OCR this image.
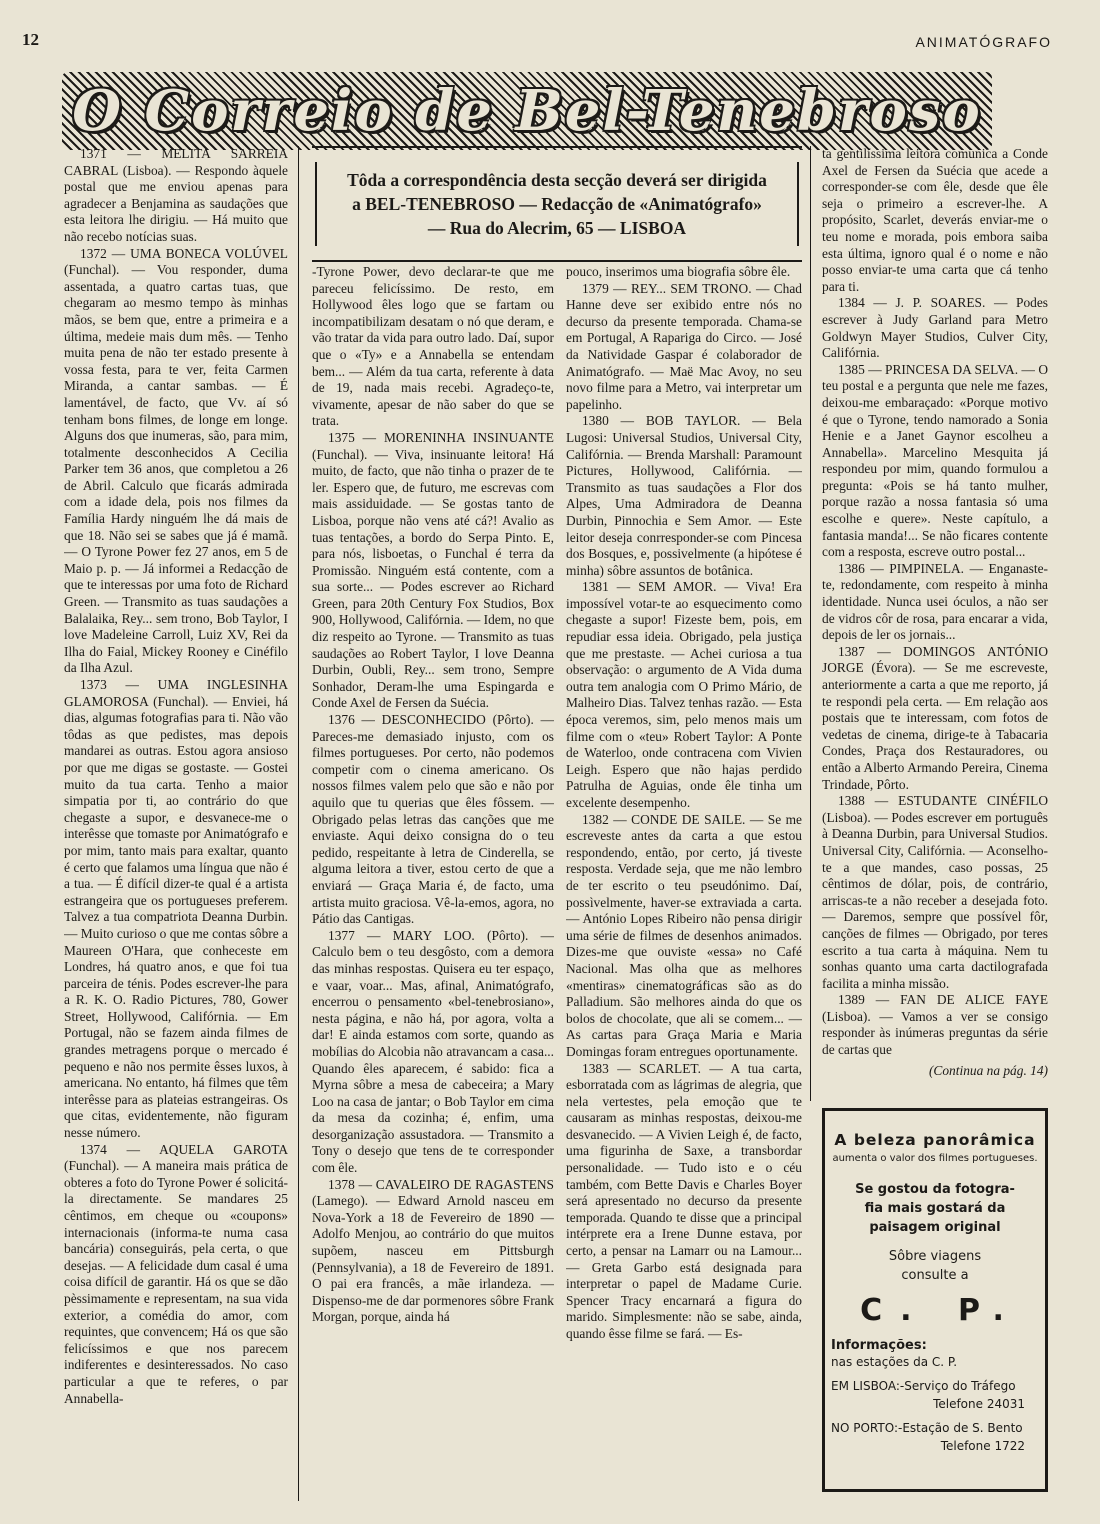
12	ANIMATÓGRAFO
O Correio de Bel-Tenebroso
Tôda a correspondência desta secção deverá ser dirigida
a BEL-TENEBROSO — Redacção de «Animatógrafo»
— Rua do Alecrim, 65 — LISBOA

1371 — MELITA SARREIA CABRAL (Lisboa). — Respondo àquele postal que me enviou apenas para agradecer a Benjamina as saudações que esta leitora lhe dirigiu. — Há muito que não recebo notícias suas.

1372 — UMA BONECA VOLÚVEL (Funchal). — Vou responder, duma assentada, a quatro cartas tuas, que chegaram ao mesmo tempo às minhas mãos, se bem que, entre a primeira e a última, medeie mais dum mês. — Tenho muita pena de não ter estado presente à vossa festa, para te ver, feita Carmen Miranda, a cantar sambas. — É lamentável, de facto, que Vv. aí só tenham bons filmes, de longe em longe. Alguns dos que inumeras, são, para mim, totalmente desconhecidos A Cecilia Parker tem 36 anos, que completou a 26 de Abril. Calculo que ficarás admirada com a idade dela, pois nos filmes da Família Hardy ninguém lhe dá mais de que 18. Não sei se sabes que já é mamã. — O Tyrone Power fez 27 anos, em 5 de Maio p. p. — Já informei a Redacção de que te interessas por uma foto de Richard Green. — Transmito as tuas saudações a Balalaika, Rey... sem trono, Bob Taylor, I love Madeleine Carroll, Luiz XV, Rei da Ilha do Faial, Mickey Rooney e Cinéfilo da Ilha Azul.

1373 — UMA INGLESINHA GLAMOROSA (Funchal). — Enviei, há dias, algumas fotografias para ti. Não vão tôdas as que pedistes, mas depois mandarei as outras. Estou agora ansioso por que me digas se gostaste. — Gostei muito da tua carta. Tenho a maior simpatia por ti, ao contrário do que chegaste a supor, e desvanece-me o interêsse que tomaste por Animatógrafo e por mim, tanto mais para exaltar, quanto é certo que falamos uma língua que não é a tua. — É difícil dizer-te qual é a artista estrangeira que os portugueses preferem. Talvez a tua compatriota Deanna Durbin. — Muito curioso o que me contas sôbre a Maureen O'Hara, que conheceste em Londres, há quatro anos, e que foi tua parceira de ténis. Podes escrever-lhe para a R. K. O. Radio Pictures, 780, Gower Street, Hollywood, Califórnia. — Em Portugal, não se fazem ainda filmes de grandes metragens porque o mercado é pequeno e não nos permite êsses luxos, à americana. No entanto, há filmes que têm interêsse para as plateias estrangeiras. Os que citas, evidentemente, não figuram nesse número.

1374 — AQUELA GAROTA (Funchal). — A maneira mais prática de obteres a foto do Tyrone Power é solicitá-la directamente. Se mandares 25 cêntimos, em cheque ou «coupons» internacionais (informa-te numa casa bancária) conseguirás, pela certa, o que desejas. — A felicidade dum casal é uma coisa difícil de garantir. Há os que se dão pèssimamente e representam, na sua vida exterior, a comédia do amor, com requintes, que convencem; Há os que são felicíssimos e que nos parecem indiferentes e desinteressados. No caso particular a que te referes, o par Annabella-

-Tyrone Power, devo declarar-te que me pareceu felicíssimo. De resto, em Hollywood êles logo que se fartam ou incompatibilizam desatam o nó que deram, e vão tratar da vida para outro lado. Daí, supor que o «Ty» e a Annabella se entendam bem... — Além da tua carta, referente à data de 19, nada mais recebi. Agradeço-te, vivamente, apesar de não saber do que se trata.

1375 — MORENINHA INSINUANTE (Funchal). — Viva, insinuante leitora! Há muito, de facto, que não tinha o prazer de te ler. Espero que, de futuro, me escrevas com mais assiduidade. — Se gostas tanto de Lisboa, porque não vens até cá?! Avalio as tuas tentações, a bordo do Serpa Pinto. E, para nós, lisboetas, o Funchal é terra da Promissão. Ninguém está contente, com a sua sorte... — Podes escrever ao Richard Green, para 20th Century Fox Studios, Box 900, Hollywood, Califórnia. — Idem, no que diz respeito ao Tyrone. — Transmito as tuas saudações ao Robert Taylor, I love Deanna Durbin, Oubli, Rey... sem trono, Sempre Sonhador, Deram-lhe uma Espingarda e Conde Axel de Fersen da Suécia.

1376 — DESCONHECIDO (Pôrto). — Pareces-me demasiado injusto, com os filmes portugueses. Por certo, não podemos competir com o cinema americano. Os nossos filmes valem pelo que são e não por aquilo que tu querias que êles fôssem. — Obrigado pelas letras das canções que me enviaste. Aqui deixo consigna do o teu pedido, respeitante à letra de Cinderella, se alguma leitora a tiver, estou certo de que a enviará — Graça Maria é, de facto, uma artista muito graciosa. Vê-la-emos, agora, no Pátio das Cantigas.

1377 — MARY LOO. (Pôrto). — Calculo bem o teu desgôsto, com a demora das minhas respostas. Quisera eu ter espaço, e vaar, voar... Mas, afinal, Animatógrafo, encerrou o pensamento «bel-tenebrosiano», nesta página, e não há, por agora, volta a dar! E ainda estamos com sorte, quando as mobílias do Alcobia não atravancam a casa... Quando êles aparecem, é sabido: fica a Myrna sôbre a mesa de cabeceira; a Mary Loo na casa de jantar; o Bob Taylor em cima da mesa da cozinha; é, enfim, uma desorganização assustadora. — Transmito a Tony o desejo que tens de te corresponder com êle.

1378 — CAVALEIRO DE RAGASTENS (Lamego). — Edward Arnold nasceu em Nova-York a 18 de Fevereiro de 1890 — Adolfo Menjou, ao contrário do que muitos supõem, nasceu em Pittsburgh (Pennsylvania), a 18 de Fevereiro de 1891. O pai era francês, a mãe irlandeza. — Dispenso-me de dar pormenores sôbre Frank Morgan, porque, ainda há

pouco, inserimos uma biografia sôbre êle.

1379 — REY... SEM TRONO. — Chad Hanne deve ser exibido entre nós no decurso da presente temporada. Chama-se em Portugal, A Rapariga do Circo. — José da Natividade Gaspar é colaborador de Animatógrafo. — Maë Mac Avoy, no seu novo filme para a Metro, vai interpretar um papelinho.

1380 — BOB TAYLOR. — Bela Lugosi: Universal Studios, Universal City, Califórnia. — Brenda Marshall: Paramount Pictures, Hollywood, Califórnia. — Transmito as tuas saudações a Flor dos Alpes, Uma Admiradora de Deanna Durbin, Pinnochia e Sem Amor. — Este leitor deseja conrresponder-se com Pincesa dos Bosques, e, possivelmente (a hipótese é minha) sôbre assuntos de botânica.

1381 — SEM AMOR. — Viva! Era impossível votar-te ao esquecimento como chegaste a supor! Fizeste bem, pois, em repudiar essa ideia. Obrigado, pela justiça que me prestaste. — Achei curiosa a tua observação: o argumento de A Vida duma outra tem analogia com O Primo Mário, de Malheiro Dias. Talvez tenhas razão. — Esta época veremos, sim, pelo menos mais um filme com o «teu» Robert Taylor: A Ponte de Waterloo, onde contracena com Vivien Leigh. Espero que não hajas perdido Patrulha de Aguias, onde êle tinha um excelente desempenho.

1382 — CONDE DE SAILE. — Se me escreveste antes da carta a que estou respondendo, então, por certo, já tiveste resposta. Verdade seja, que me não lembro de ter escrito o teu pseudónimo. Daí, possìvelmente, haver-se extraviada a carta. — António Lopes Ribeiro não pensa dirigir uma série de filmes de desenhos animados. Dizes-me que ouviste «essa» no Café Nacional. Mas olha que as melhores «mentiras» cinematográficas são as do Palladium. São melhores ainda do que os bolos de chocolate, que ali se comem... — As cartas para Graça Maria e Maria Domingas foram entregues oportunamente.

1383 — SCARLET. — A tua carta, esborratada com as lágrimas de alegria, que nela vertestes, pela emoção que te causaram as minhas respostas, deixou-me desvanecido. — A Vivien Leigh é, de facto, uma figurinha de Saxe, a transbordar personalidade. — Tudo isto e o céu também, com Bette Davis e Charles Boyer será apresentado no decurso da presente temporada. Quando te disse que a principal intérprete era a Irene Dunne estava, por certo, a pensar na Lamarr ou na Lamour... — Greta Garbo está designada para interpretar o papel de Madame Curie. Spencer Tracy encarnará a figura do marido. Simplesmente: não se sabe, ainda, quando êsse filme se fará. — Es-

ta gentilíssima leitora comunica a Conde Axel de Fersen da Suécia que acede a corresponder-se com êle, desde que êle seja o primeiro a escrever-lhe. A propósito, Scarlet, deverás enviar-me o teu nome e morada, pois embora saiba esta última, ignoro qual é o nome e não posso enviar-te uma carta que cá tenho para ti.

1384 — J. P. SOARES. — Podes escrever à Judy Garland para Metro Goldwyn Mayer Studios, Culver City, Califórnia.

1385 — PRINCESA DA SELVA. — O teu postal e a pergunta que nele me fazes, deixou-me embaraçado: «Porque motivo é que o Tyrone, tendo namorado a Sonia Henie e a Janet Gaynor escolheu a Annabella». Marcelino Mesquita já respondeu por mim, quando formulou a pregunta: «Pois se há tanto mulher, porque razão a nossa fantasia só uma escolhe e quere». Neste capítulo, a fantasia manda!... Se não ficares contente com a resposta, escreve outro postal...

1386 — PIMPINELA. — Enganaste-te, redondamente, com respeito à minha identidade. Nunca usei óculos, a não ser de vidros côr de rosa, para encarar a vida, depois de ler os jornais...

1387 — DOMINGOS ANTÓNIO JORGE (Évora). — Se me escreveste, anteriormente a carta a que me reporto, já te respondi pela certa. — Em relação aos postais que te interessam, com fotos de vedetas de cinema, dirige-te à Tabacaria Condes, Praça dos Restauradores, ou então a Alberto Armando Pereira, Cinema Trindade, Pôrto.

1388 — ESTUDANTE CINÉFILO (Lisboa). — Podes escrever em português à Deanna Durbin, para Universal Studios. Universal City, Califórnia. — Aconselho-te a que mandes, caso possas, 25 cêntimos de dólar, pois, de contrário, arriscas-te a não receber a desejada foto. — Daremos, sempre que possível fôr, canções de filmes — Obrigado, por teres escrito a tua carta à máquina. Nem tu sonhas quanto uma carta dactilografada facilita a minha missão.

1389 — FAN DE ALICE FAYE (Lisboa). — Vamos a ver se consigo responder às inúmeras preguntas da série de cartas que

(Continua na pág. 14)
A beleza panorâmica
aumenta o valor dos filmes portugueses.
Se gostou da fotogra-
fia mais gostará da
paisagem original
Sôbre viagens
consulte a
C. P.
Informações:
nas estações da C. P.
EM LISBOA:-Serviço do Tráfego
Telefone 24031
NO PORTO:-Estação de S. Bento
Telefone 1722
